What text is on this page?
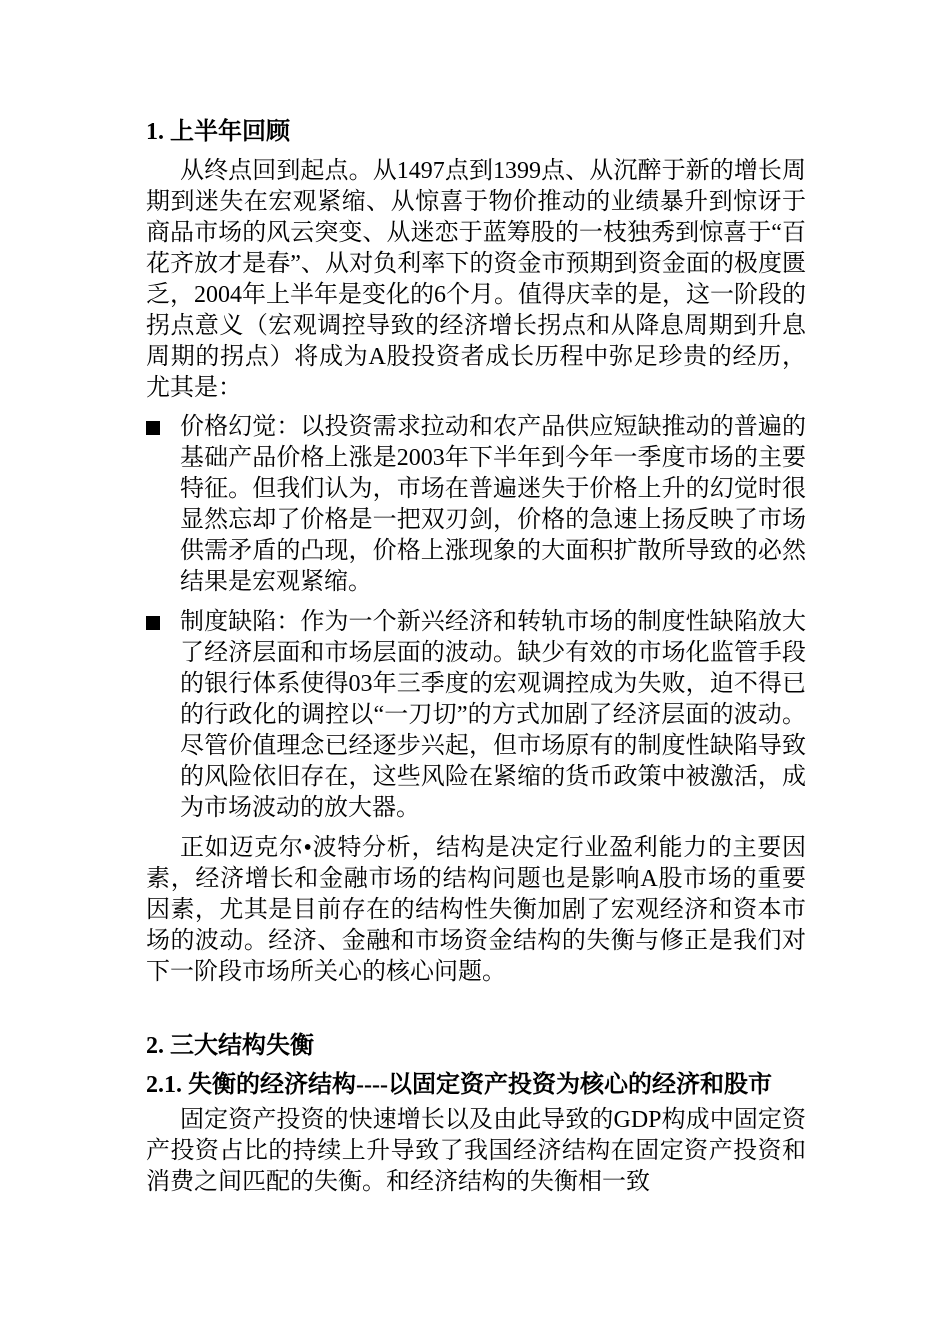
1. 上半年回顾

从终点回到起点。从1497点到1399点、从沉醉于新的增长周期到迷失在宏观紧缩、从惊喜于物价推动的业绩暴升到惊讶于商品市场的风云突变、从迷恋于蓝筹股的一枝独秀到惊喜于“百花齐放才是春”、从对负利率下的资金市预期到资金面的极度匮乏，2004年上半年是变化的6个月。值得庆幸的是，这一阶段的拐点意义（宏观调控导致的经济增长拐点和从降息周期到升息周期的拐点）将成为A股投资者成长历程中弥足珍贵的经历，尤其是：

价格幻觉：以投资需求拉动和农产品供应短缺推动的普遍的基础产品价格上涨是2003年下半年到今年一季度市场的主要特征。但我们认为，市场在普遍迷失于价格上升的幻觉时很显然忘却了价格是一把双刃剑，价格的急速上扬反映了市场供需矛盾的凸现，价格上涨现象的大面积扩散所导致的必然结果是宏观紧缩。
制度缺陷：作为一个新兴经济和转轨市场的制度性缺陷放大了经济层面和市场层面的波动。缺少有效的市场化监管手段的银行体系使得03年三季度的宏观调控成为失败，迫不得已的行政化的调控以“一刀切”的方式加剧了经济层面的波动。尽管价值理念已经逐步兴起，但市场原有的制度性缺陷导致的风险依旧存在，这些风险在紧缩的货币政策中被激活，成为市场波动的放大器。

正如迈克尔•波特分析，结构是决定行业盈利能力的主要因素，经济增长和金融市场的结构问题也是影响A股市场的重要因素，尤其是目前存在的结构性失衡加剧了宏观经济和资本市场的波动。经济、金融和市场资金结构的失衡与修正是我们对下一阶段市场所关心的核心问题。

2. 三大结构失衡
2.1. 失衡的经济结构----以固定资产投资为核心的经济和股市

固定资产投资的快速增长以及由此导致的GDP构成中固定资产投资占比的持续上升导致了我国经济结构在固定资产投资和消费之间匹配的失衡。和经济结构的失衡相一致
